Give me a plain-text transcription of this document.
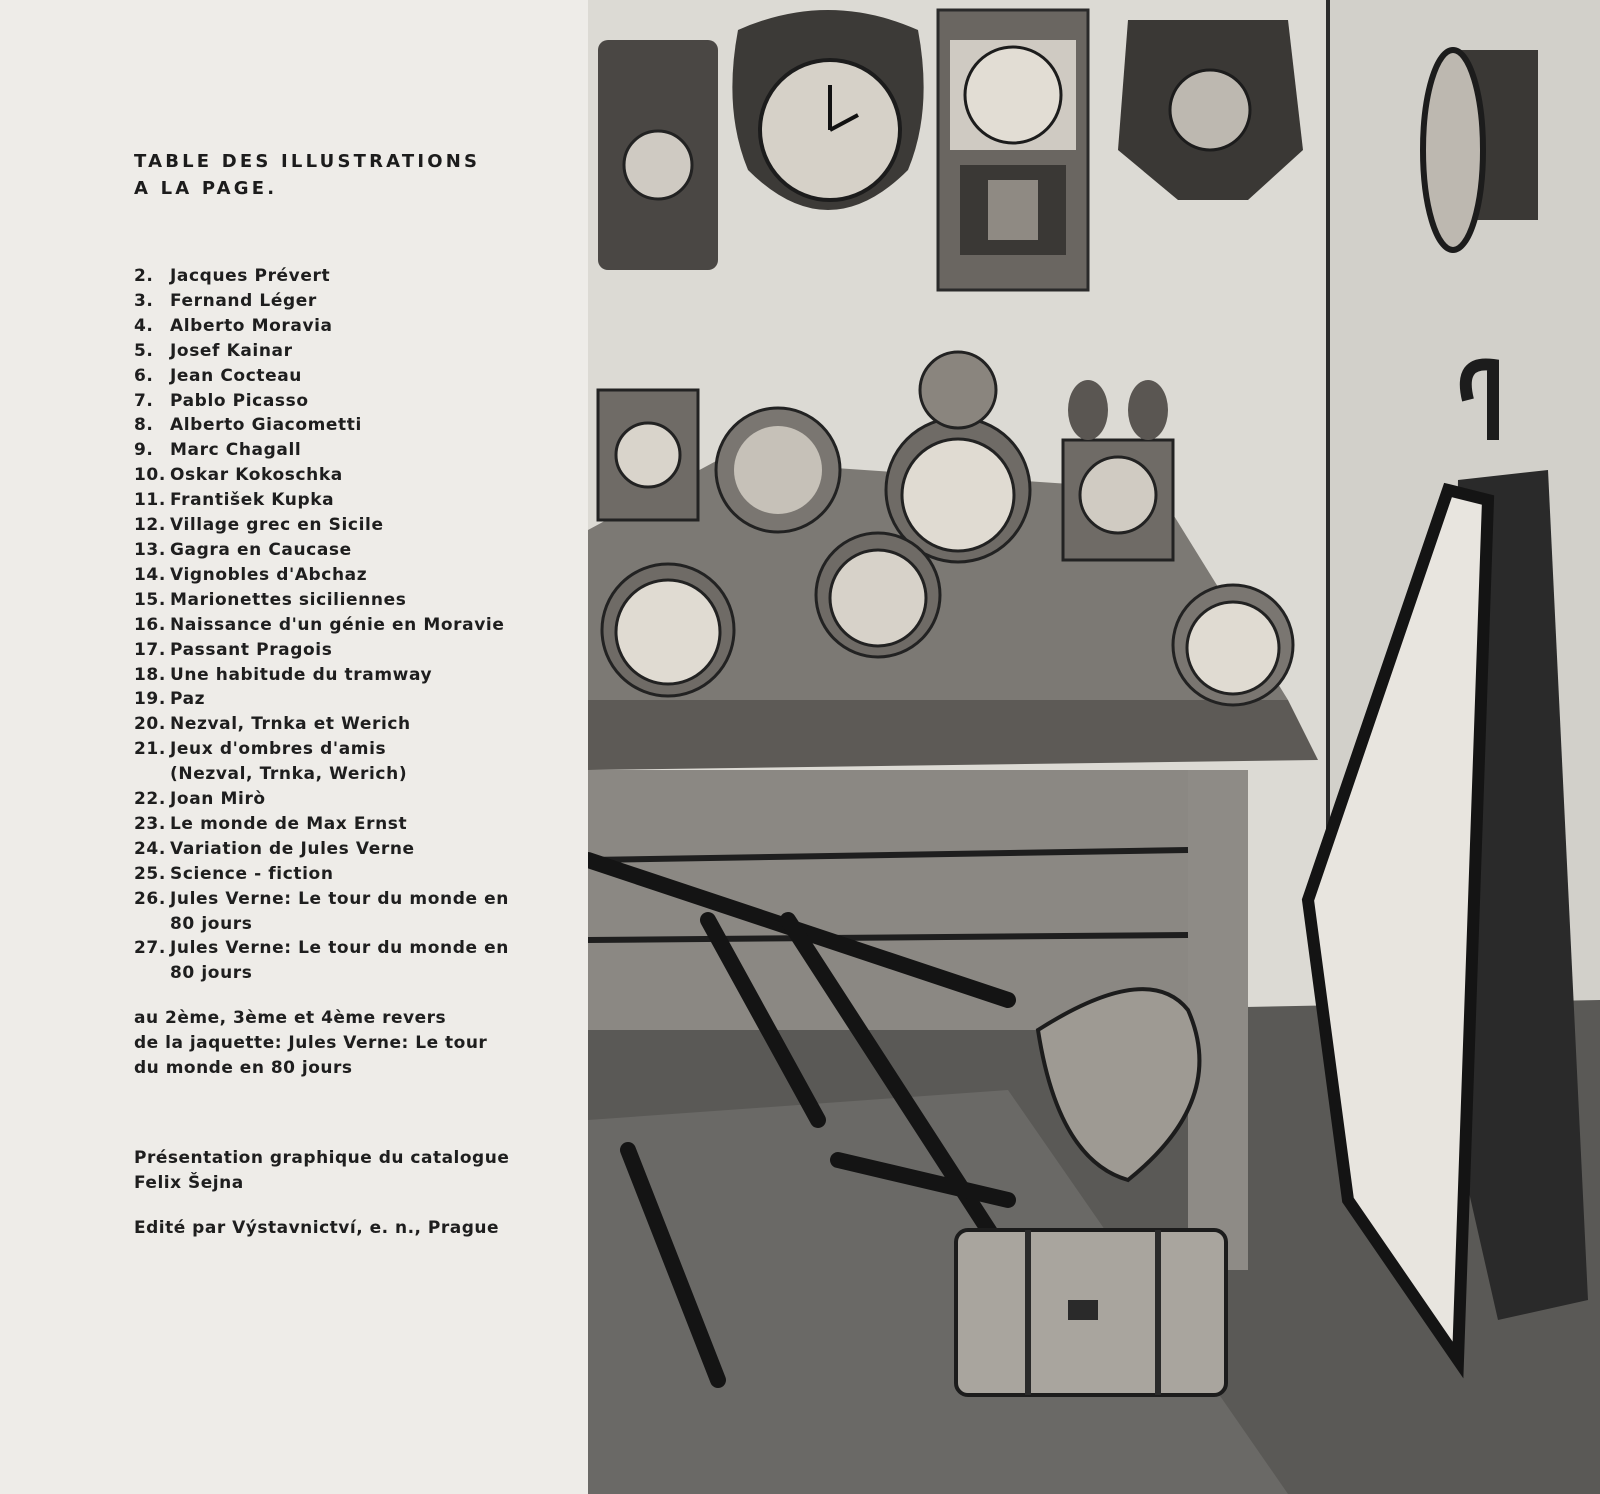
TABLE DES ILLUSTRATIONS
A LA PAGE.
2. Jacques Prévert
3. Fernand Léger
4. Alberto Moravia
5. Josef Kainar
6. Jean Cocteau
7. Pablo Picasso
8. Alberto Giacometti
9. Marc Chagall
10. Oskar Kokoschka
11. František Kupka
12. Village grec en Sicile
13. Gagra en Caucase
14. Vignobles d'Abchaz
15. Marionettes siciliennes
16. Naissance d'un génie en Moravie
17. Passant Pragois
18. Une habitude du tramway
19. Paz
20. Nezval, Trnka et Werich
21. Jeux d'ombres d'amis
(Nezval, Trnka, Werich)
22. Joan Mirò
23. Le monde de Max Ernst
24. Variation de Jules Verne
25. Science - fiction
26. Jules Verne: Le tour du monde en
80 jours
27. Jules Verne: Le tour du monde en
80 jours
au 2ème, 3ème et 4ème revers
de la jaquette: Jules Verne: Le tour
du monde en 80 jours
Présentation graphique du catalogue
Felix Šejna
Edité par Výstavnictví, e. n., Prague
